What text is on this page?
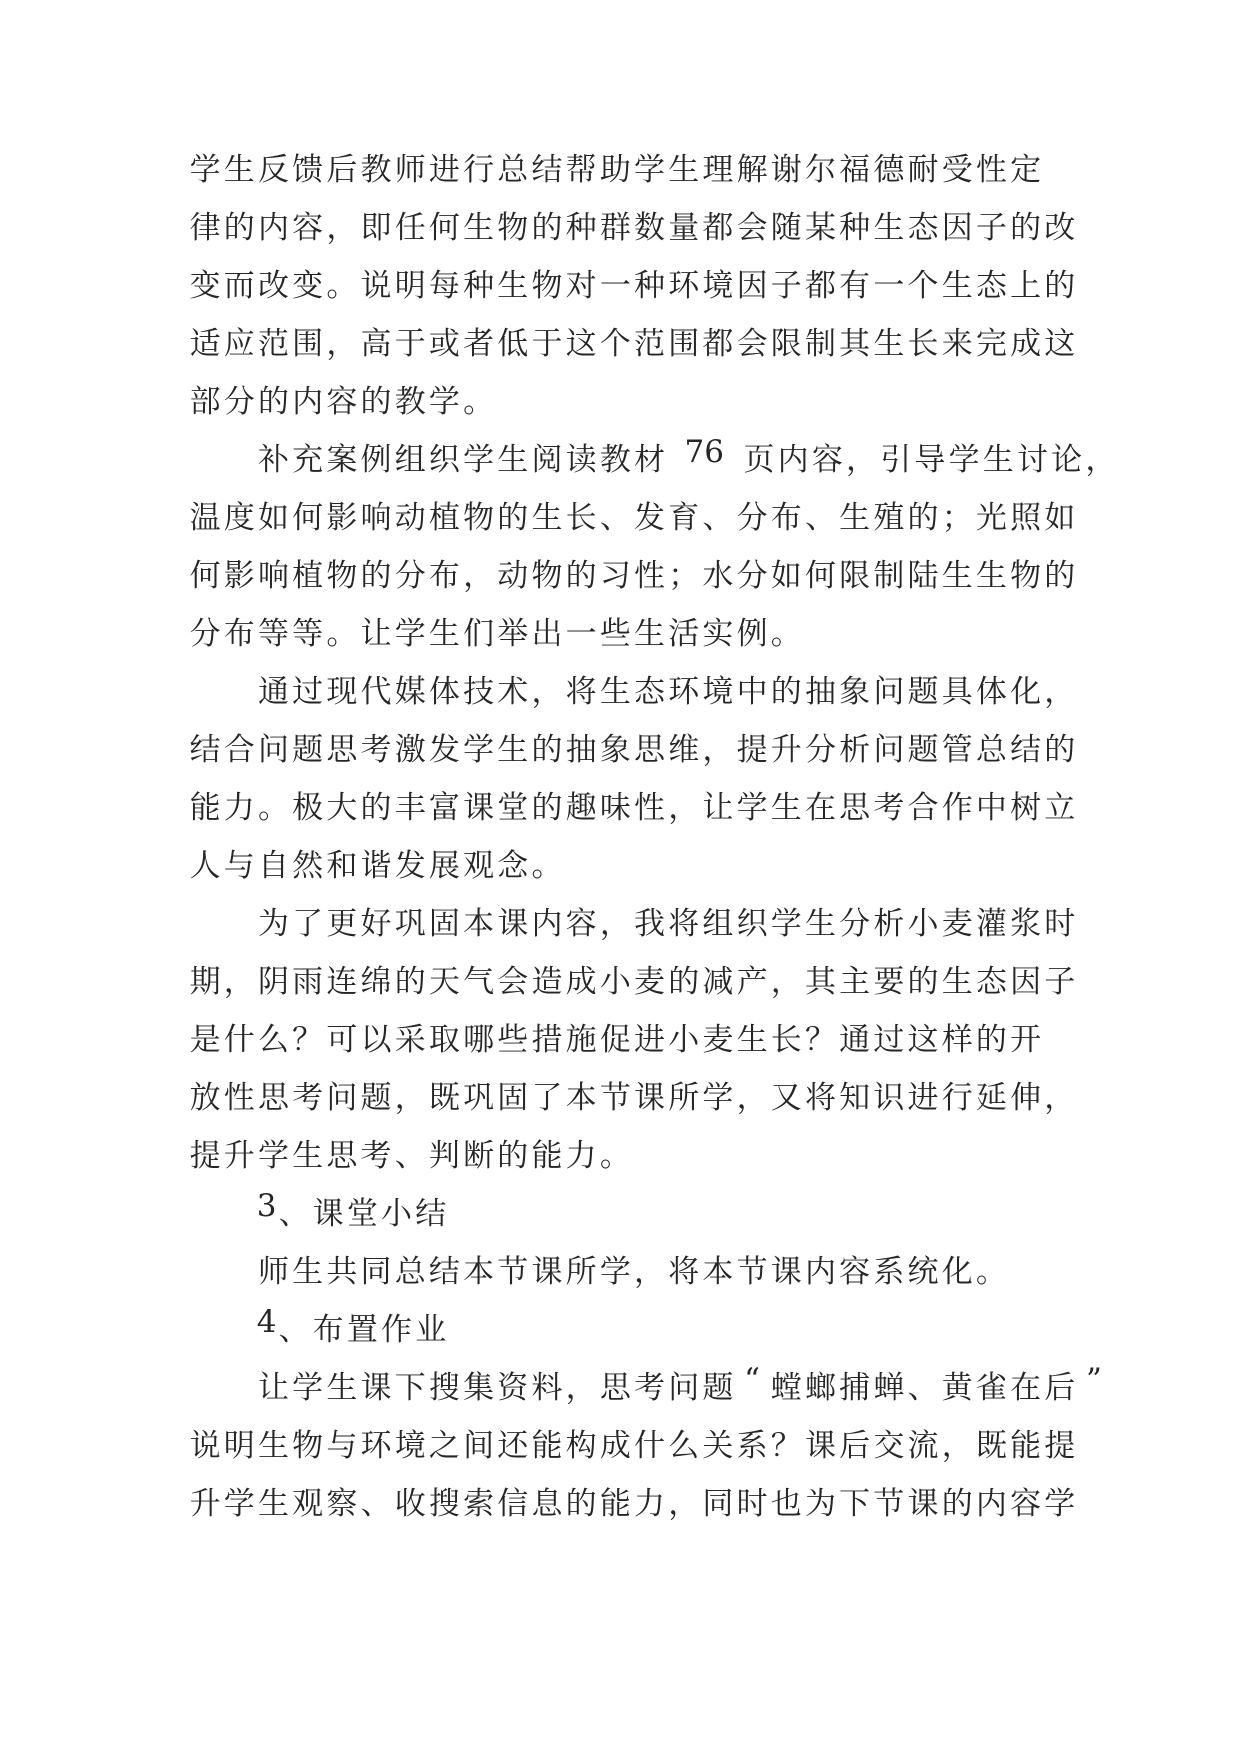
学 生 反 馈 后 教 师 进 行 总 结 帮 助 学 生 理 解 谢 尔 福 德 耐 受 性 定
律 的 内 容 ， 即 任 何 生 物 的 种 群 数 量 都 会 随 某 种 生 态 因 子 的 改
变 而 改 变 。 说 明 每 种 生 物 对 一 种 环 境 因 子 都 有 一 个 生 态 上 的
适 应 范 围 ， 高 于 或 者 低 于 这 个 范 围 都 会 限 制 其 生 长 来 完 成 这
部 分 的 内 容 的 教 学 。

补 充 案 例 组 织 学 生 阅 读 教 材 76 页 内 容 ， 引 导 学 生 讨 论 ，
温 度 如 何 影 响 动 植 物 的 生 长 、 发 育 、 分 布 、 生 殖 的 ； 光 照 如
何 影 响 植 物 的 分 布 ， 动 物 的 习 性 ； 水 分 如 何 限 制 陆 生 生 物 的
分 布 等 等 。 让 学 生 们 举 出 一 些 生 活 实 例 。

通 过 现 代 媒 体 技 术 ， 将 生 态 环 境 中 的 抽 象 问 题 具 体 化 ，
结 合 问 题 思 考 激 发 学 生 的 抽 象 思 维 ， 提 升 分 析 问 题 管 总 结 的
能 力 。 极 大 的 丰 富 课 堂 的 趣 味 性 ， 让 学 生 在 思 考 合 作 中 树 立
人 与 自 然 和 谐 发 展 观 念 。

为 了 更 好 巩 固 本 课 内 容 ， 我 将 组 织 学 生 分 析 小 麦 灌 浆 时
期 ， 阴 雨 连 绵 的 天 气 会 造 成 小 麦 的 减 产 ， 其 主 要 的 生 态 因 子
是 什 么 ？ 可 以 采 取 哪 些 措 施 促 进 小 麦 生 长 ？ 通 过 这 样 的 开
放 性 思 考 问 题 ， 既 巩 固 了 本 节 课 所 学 ， 又 将 知 识 进 行 延 伸 ，
提 升 学 生 思 考 、 判 断 的 能 力 。

3 、 课 堂 小 结

师 生 共 同 总 结 本 节 课 所 学 ， 将 本 节 课 内 容 系 统 化 。

4 、 布 置 作 业

让 学 生 课 下 搜 集 资 料 ， 思 考 问 题 “ 螳 螂 捕 蝉 、 黄 雀 在 后 ”
说 明 生 物 与 环 境 之 间 还 能 构 成 什 么 关 系 ？ 课 后 交 流 ， 既 能 提
升 学 生 观 察 、 收 搜 索 信 息 的 能 力 ， 同 时 也 为 下 节 课 的 内 容 学
